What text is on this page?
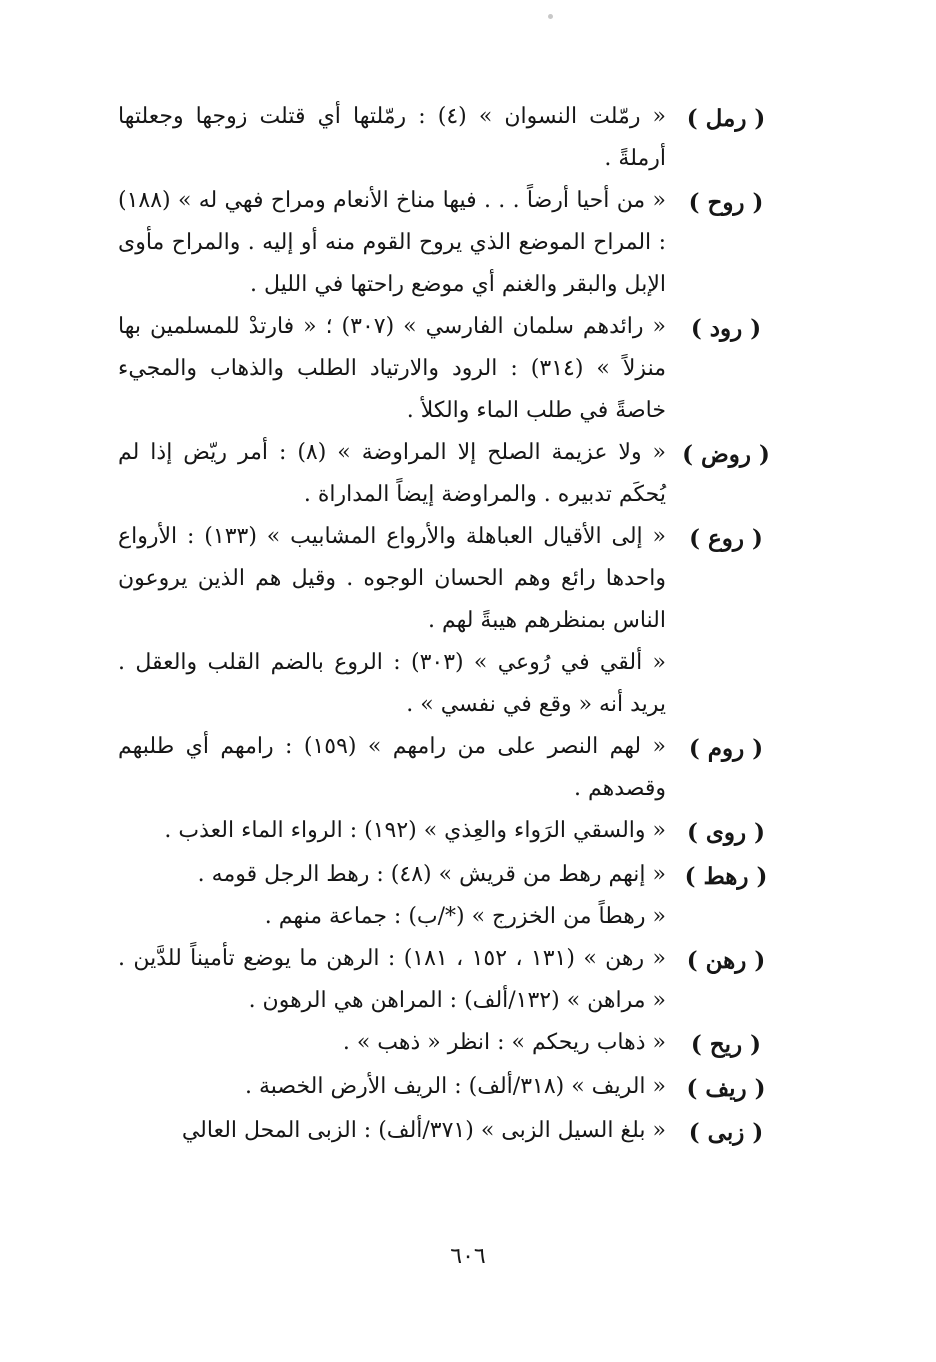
( رمل )
« رمّلت النسوان » (٤) : رمّلتها أي قتلت زوجها وجعلتها أرملةً .
( روح )
« من أحيا أرضاً . . . فيها مناخ الأنعام ومراح فهي له » (١٨٨) : المراح الموضع الذي يروح القوم منه أو إليه . والمراح مأوى الإبل والبقر والغنم أي موضع راحتها في الليل .
( رود )
« رائدهم سلمان الفارسي » (٣٠٧) ؛ « فارتدْ للمسلمين بها منزلاً » (٣١٤) : الرود والارتياد الطلب والذهاب والمجيء خاصةً في طلب الماء والكلأ .
( روض )
« ولا عزيمة الصلح إلا المراوضة » (٨) : أمر ريّض إذا لم يُحكَم تدبيره . والمراوضة إيضاً المداراة .
( روع )
« إلى الأقيال العباهلة والأرواع المشابيب » (١٣٣) : الأرواع واحدها رائع وهم الحسان الوجوه . وقيل هم الذين يروعون الناس بمنظرهم هيبةً لهم .
« ألقي في رُوعي » (٣٠٣) : الروع بالضم القلب والعقل . يريد أنه « وقع في نفسي » .
( روم )
« لهم النصر على من رامهم » (١٥٩) : رامهم أي طلبهم وقصدهم .
( روى )
« والسقي الرَواء والعِذي » (١٩٢) : الرواء الماء العذب .
( رهط )
« إنهم رهط من قريش » (٤٨) : رهط الرجل قومه .
« رهطاً من الخزرج » (*/ب) : جماعة منهم .
( رهن )
« رهن » (١٣١ ، ١٥٢ ، ١٨١) : الرهن ما يوضع تأميناً للدَّين . « مراهن » (١٣٢/ألف) : المراهن هي الرهون .
( ريح )
« ذهاب ريحكم » : انظر « ذهب » .
( ريف )
« الريف » (٣١٨/ألف) : الريف الأرض الخصبة .
( زبى )
« بلغ السيل الزبى » (٣٧١/ألف) : الزبى المحل العالي
٦٠٦
